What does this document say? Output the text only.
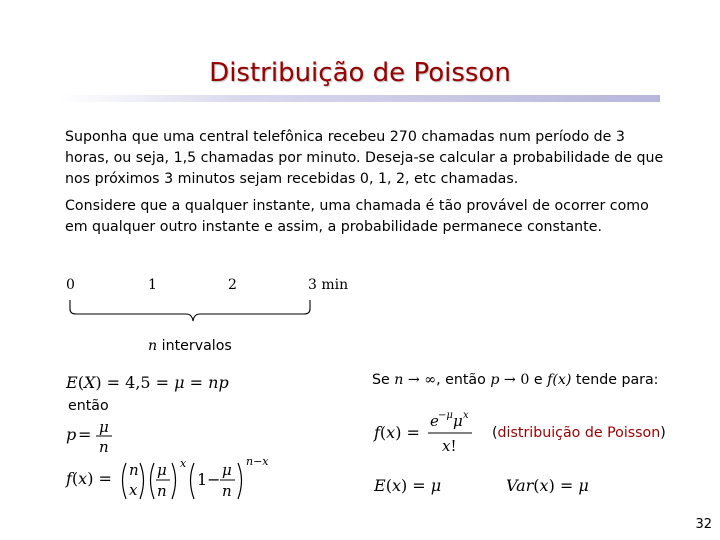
Distribuição de Poisson
Suponha que uma central telefônica recebeu 270 chamadas num período de 3 horas, ou seja, 1,5 chamadas por minuto. Deseja-se calcular a probabilidade de que nos próximos 3 minutos sejam recebidas 0, 1, 2, etc chamadas.
Considere que a qualquer instante, uma chamada é tão provável de ocorrer como em qualquer outro instante e assim, a probabilidade permanece constante.
0	1	2	3 min
n intervalos
Se n → ∞, então p → 0 e f(x) tende para:
então
(distribuição de Poisson)
E(X) = 4,5 = μ = np
p = μ
n
f(x) = n
x
μ
n
x
1− μ
n
n−x
f(x) =
e −μ μ x
x!
E(x) = μ	Var(x) = μ
32
